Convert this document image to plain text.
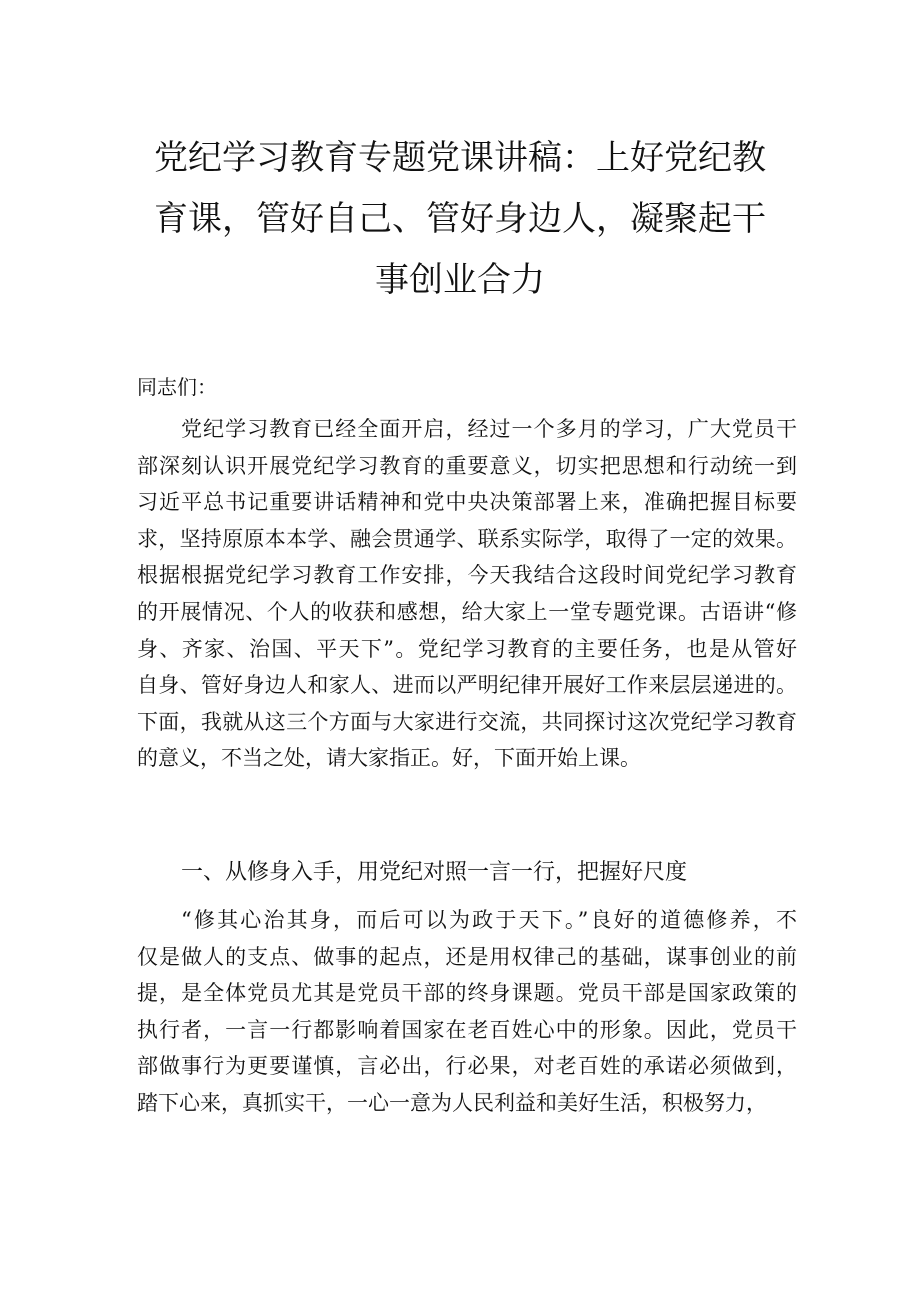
党纪学习教育专题党课讲稿：上好党纪教
育课，管好自己、管好身边人，凝聚起干
事创业合力

同志们：

党纪学习教育已经全面开启，经过一个多月的学习，广大党员干
部深刻认识开展党纪学习教育的重要意义，切实把思想和行动统一到
习近平总书记重要讲话精神和党中央决策部署上来，准确把握目标要
求，坚持原原本本学、融会贯通学、联系实际学，取得了一定的效果。
根据根据党纪学习教育工作安排，今天我结合这段时间党纪学习教育
的开展情况、个人的收获和感想，给大家上一堂专题党课。古语讲“修
身、齐家、治国、平天下”。党纪学习教育的主要任务，也是从管好
自身、管好身边人和家人、进而以严明纪律开展好工作来层层递进的。
下面，我就从这三个方面与大家进行交流，共同探讨这次党纪学习教育
的意义，不当之处，请大家指正。好，下面开始上课。
一、从修身入手，用党纪对照一言一行，把握好尺度
“修其心治其身，而后可以为政于天下。”良好的道德修养，不
仅是做人的支点、做事的起点，还是用权律己的基础，谋事创业的前
提，是全体党员尤其是党员干部的终身课题。党员干部是国家政策的
执行者，一言一行都影响着国家在老百姓心中的形象。因此，党员干
部做事行为更要谨慎，言必出，行必果，对老百姓的承诺必须做到，
踏下心来，真抓实干，一心一意为人民利益和美好生活，积极努力，
